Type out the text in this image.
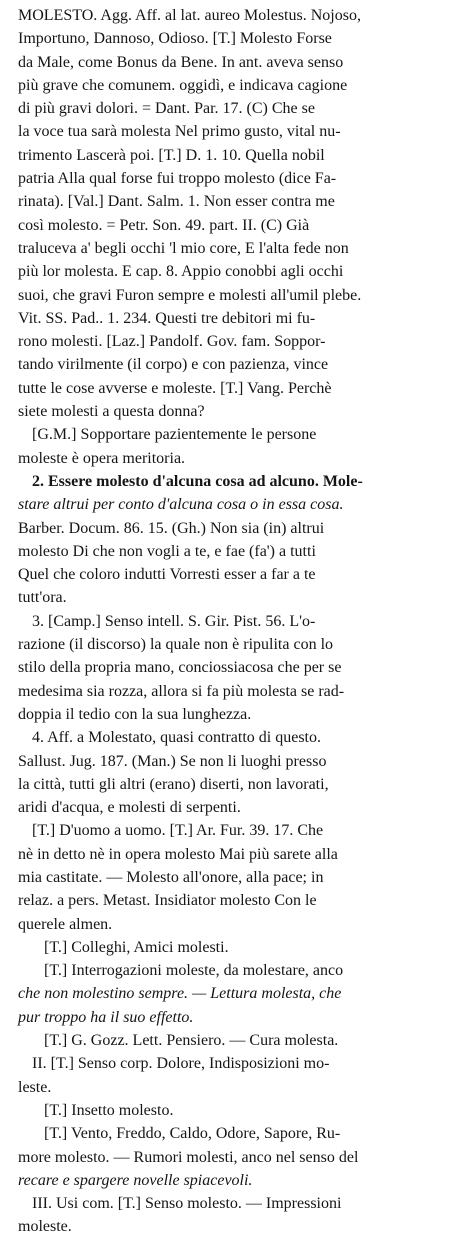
MOLESTO. Agg. Aff. al lat. aureo Molestus. Nojoso,
Importuno, Dannoso, Odioso. [T.] Molesto Forse
da Male, come Bonus da Bene. In ant. aveva senso
più grave che comunem. oggidì, e indicava cagione
di più gravi dolori. = Dant. Par. 17. (C) Che se
la voce tua sarà molesta Nel primo gusto, vital nu-
trimento Lascerà poi. [T.] D. 1. 10. Quella nobil
patria Alla qual forse fui troppo molesto (dice Fa-
rinata). [Val.] Dant. Salm. 1. Non esser contra me
così molesto. = Petr. Son. 49. part. II. (C) Già
traluceva a' begli occhi 'l mio core, E l'alta fede non
più lor molesta. E cap. 8. Appio conobbi agli occhi
suoi, che gravi Furon sempre e molesti all'umil plebe.
Vit. SS. Pad.. 1. 234. Questi tre debitori mi fu-
rono molesti. [Laz.] Pandolf. Gov. fam. Soppor-
tando virilmente (il corpo) e con pazienza, vince
tutte le cose avverse e moleste. [T.] Vang. Perchè
siete molesti a questa donna?
[G.M.] Sopportare pazientemente le persone
moleste è opera meritoria.
2. Essere molesto d'alcuna cosa ad alcuno. Mole-
stare altrui per conto d'alcuna cosa o in essa cosa.
Barber. Docum. 86. 15. (Gh.) Non sia (in) altrui
molesto Di che non vogli a te, e fae (fa') a tutti
Quel che coloro indutti Vorresti esser a far a te
tutt'ora.
3. [Camp.] Senso intell. S. Gir. Pist. 56. L'o-
razione (il discorso) la quale non è ripulita con lo
stilo della propria mano, conciossiacosa che per se
medesima sia rozza, allora si fa più molesta se rad-
doppia il tedio con la sua lunghezza.
4. Aff. a Molestato, quasi contratto di questo.
Sallust. Jug. 187. (Man.) Se non li luoghi presso
la città, tutti gli altri (erano) diserti, non lavorati,
aridi d'acqua, e molesti di serpenti.
[T.] D'uomo a uomo. [T.] Ar. Fur. 39. 17. Che
nè in detto nè in opera molesto Mai più sarete alla
mia castitate. — Molesto all'onore, alla pace; in
relaz. a pers. Metast. Insidiator molesto Con le
querele almen.
[T.] Colleghi, Amici molesti.
[T.] Interrogazioni moleste, da molestare, anco
che non molestino sempre. — Lettura molesta, che
pur troppo ha il suo effetto.
[T.] G. Gozz. Lett. Pensiero. — Cura molesta.
II. [T.] Senso corp. Dolore, Indisposizioni mo-
leste.
[T.] Insetto molesto.
[T.] Vento, Freddo, Caldo, Odore, Sapore, Ru-
more molesto. — Rumori molesti, anco nel senso del
recare e spargere novelle spiacevoli.
III. Usi com. [T.] Senso molesto. — Impressioni
moleste.
